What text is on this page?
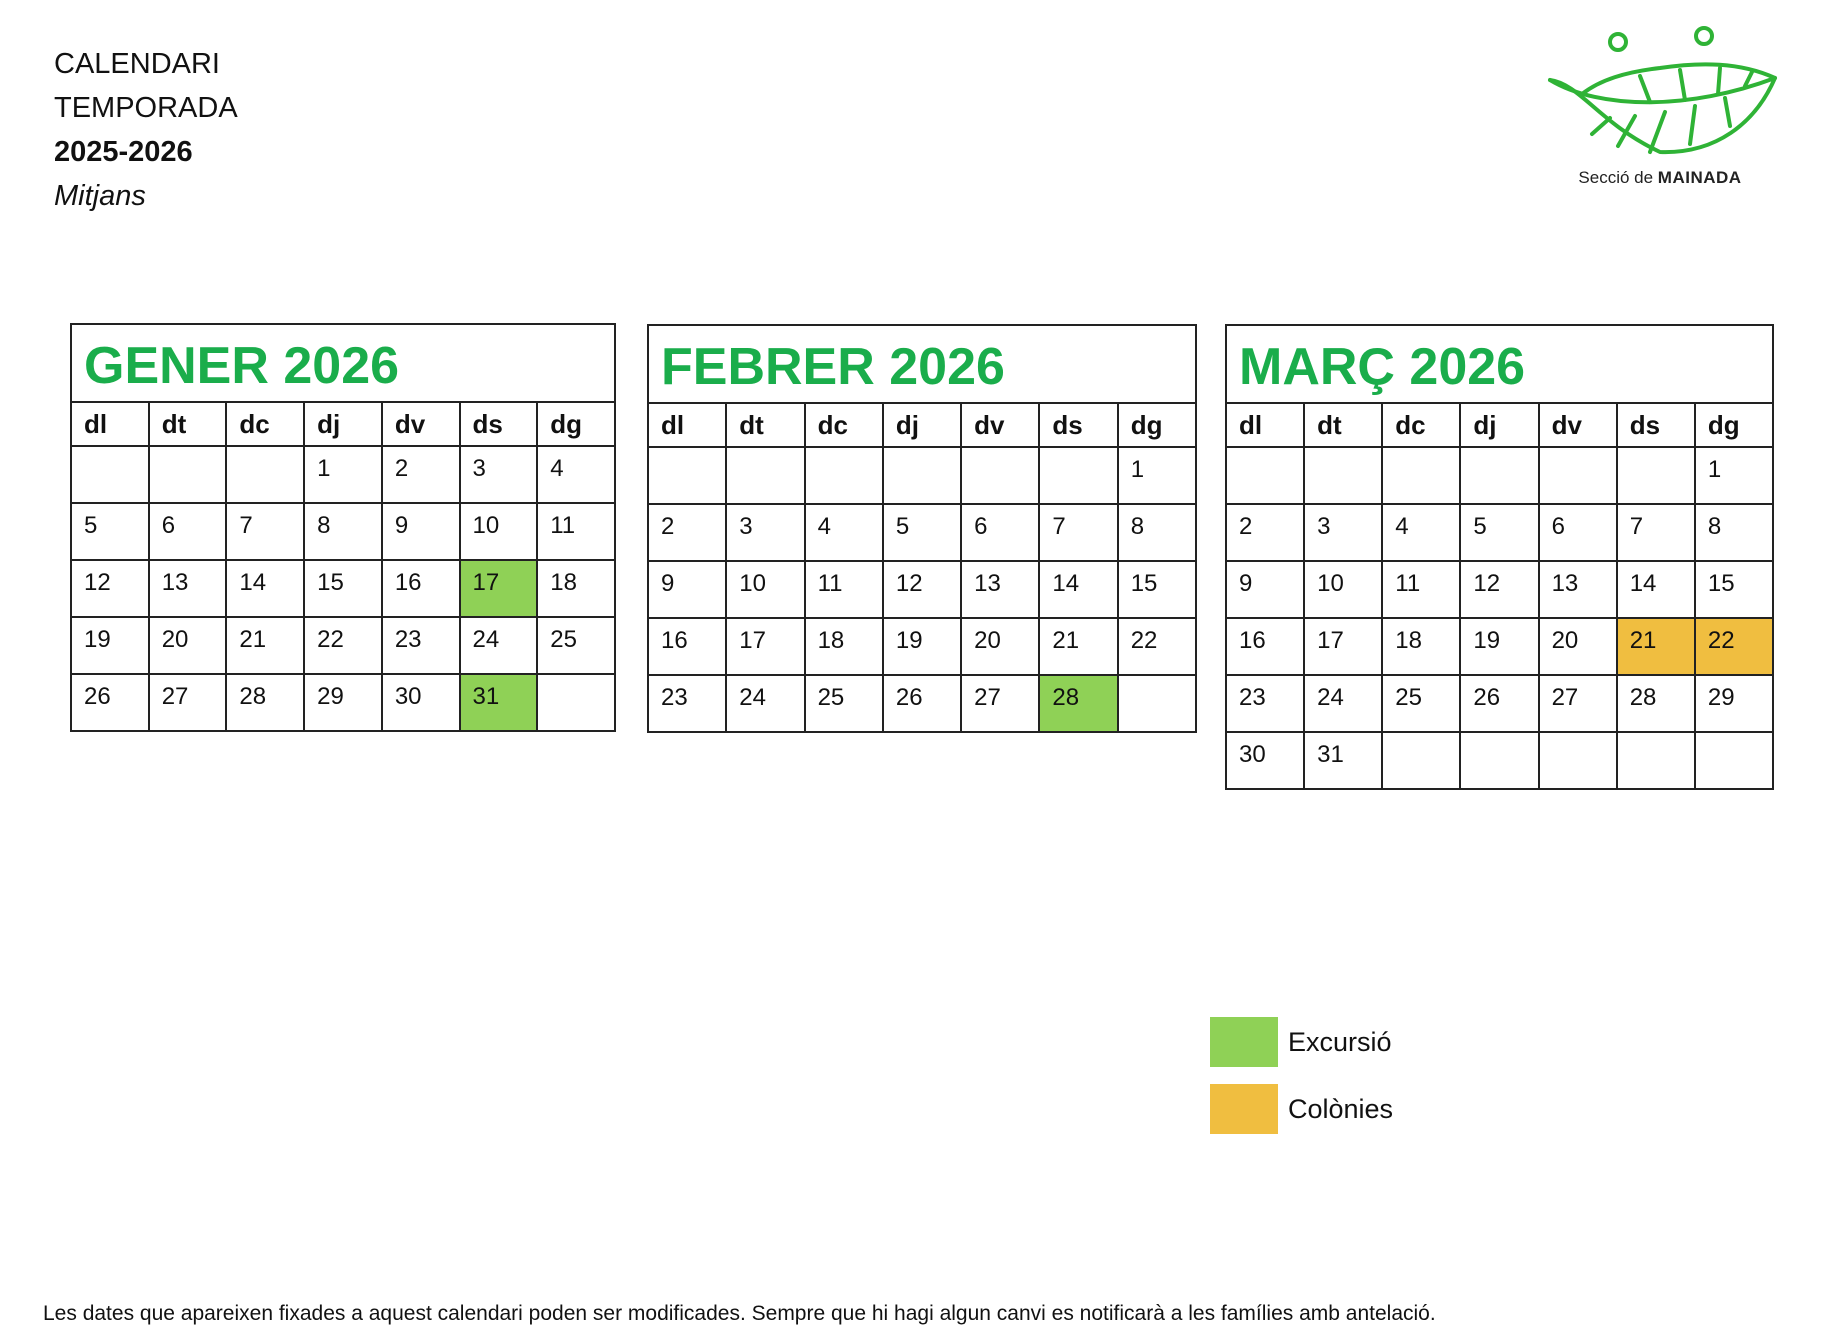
CALENDARI
TEMPORADA
2025-2026
Mitjans
Secció de MAINADA
GENER 2026						
dl	dt	dc	dj	dv	ds	dg
			1	2	3	4
5	6	7	8	9	10	11
12	13	14	15	16	17	18
19	20	21	22	23	24	25
26	27	28	29	30	31	
FEBRER 2026						
dl	dt	dc	dj	dv	ds	dg
						1
2	3	4	5	6	7	8
9	10	11	12	13	14	15
16	17	18	19	20	21	22
23	24	25	26	27	28	
MARÇ 2026						
dl	dt	dc	dj	dv	ds	dg
						1
2	3	4	5	6	7	8
9	10	11	12	13	14	15
16	17	18	19	20	21	22
23	24	25	26	27	28	29
30	31					
Excursió
Colònies
Les dates que apareixen fixades a aquest calendari poden ser modificades. Sempre que hi hagi algun canvi es notificarà a les famílies amb antelació.
